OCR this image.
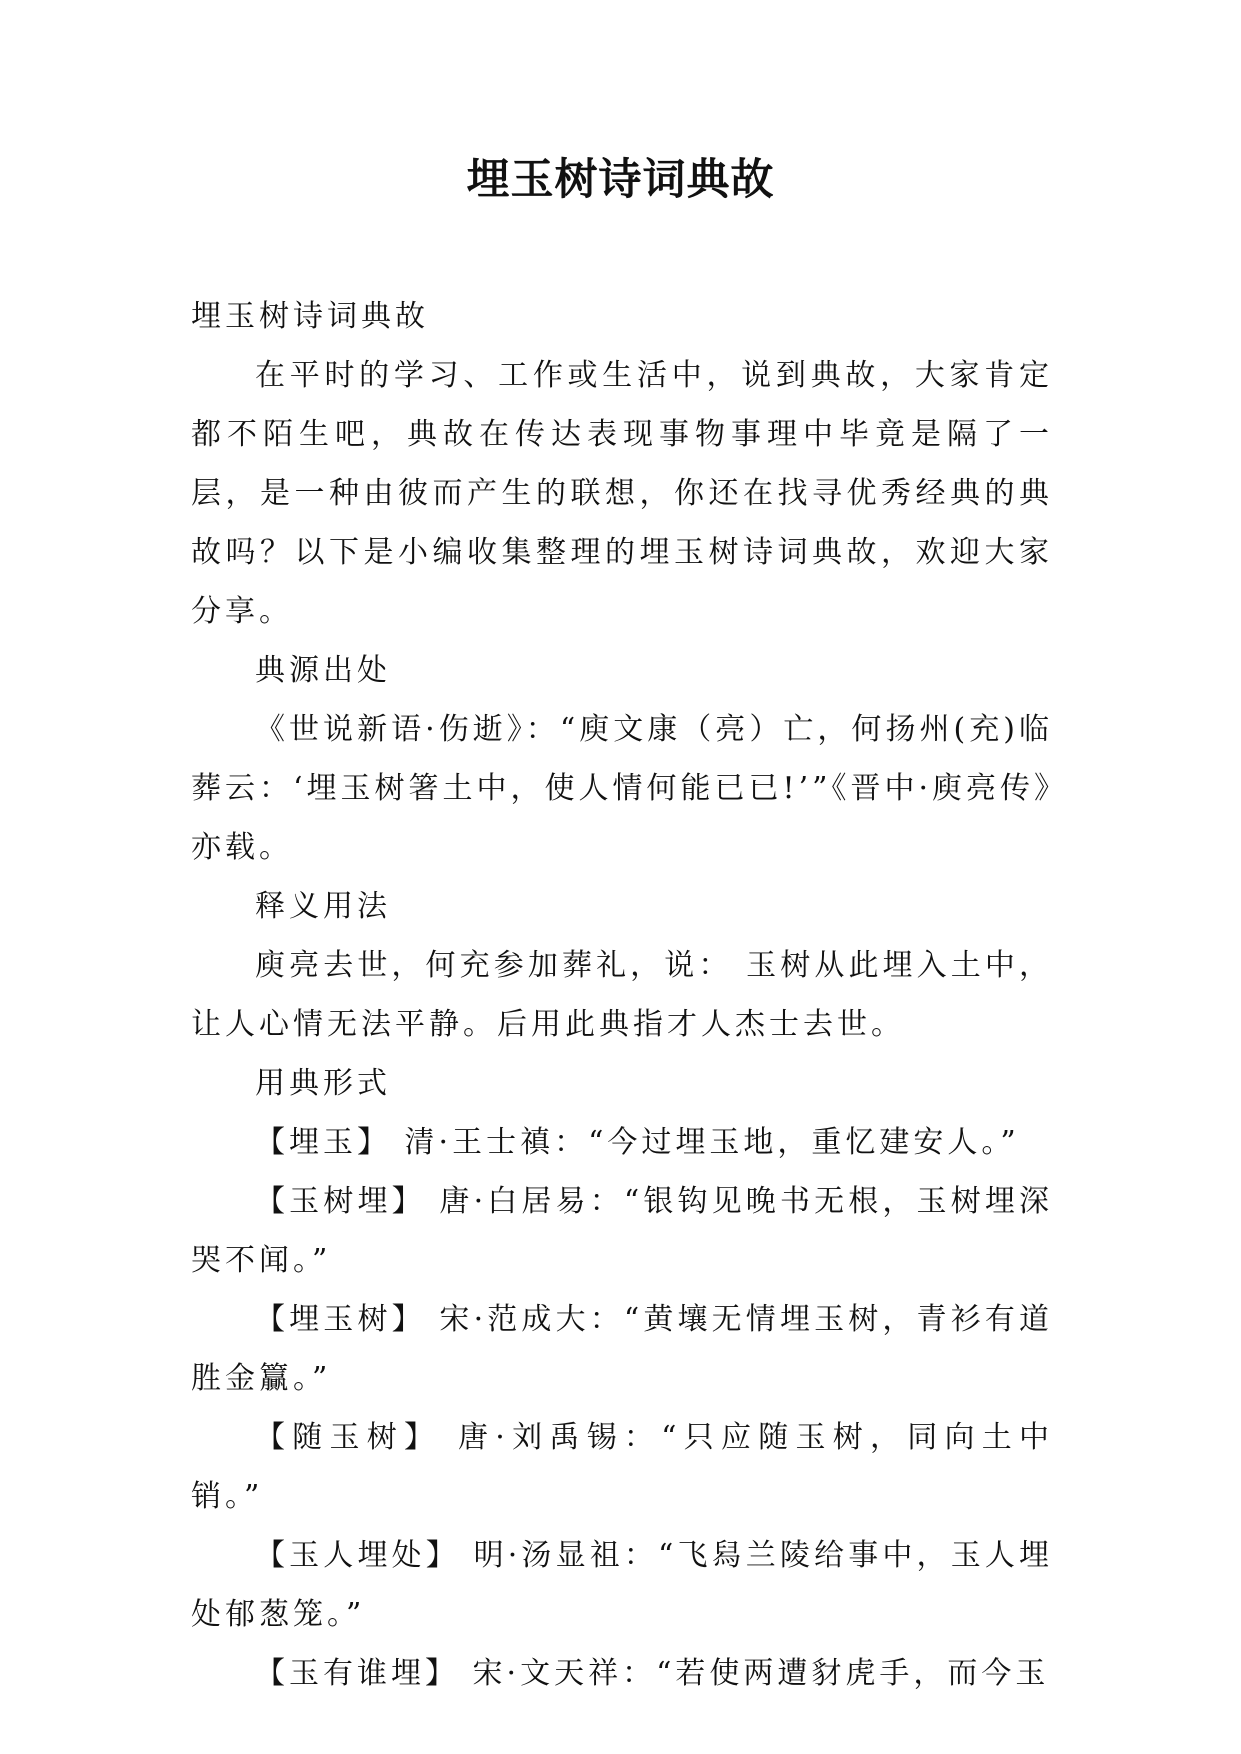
埋玉树诗词典故

埋玉树诗词典故

在平时的学习、工作或生活中，说到典故，大家肯定都不陌生吧，典故在传达表现事物事理中毕竟是隔了一层，是一种由彼而产生的联想，你还在找寻优秀经典的典故吗？以下是小编收集整理的埋玉树诗词典故，欢迎大家分享。

典源出处

《世说新语·伤逝》：“庾文康（亮）亡，何扬州(充)临葬云：‘埋玉树箸土中，使人情何能已已!’”《晋中·庾亮传》亦载。

释义用法

庾亮去世，何充参加葬礼，说： 玉树从此埋入土中，让人心情无法平静。后用此典指才人杰士去世。

用典形式

【埋玉】 清·王士禛：“今过埋玉地，重忆建安人。”

【玉树埋】 唐·白居易：“银钩见晚书无根，玉树埋深哭不闻。”

【埋玉树】 宋·范成大：“黄壤无情埋玉树，青衫有道胜金籯。”

【随玉树】 唐·刘禹锡：“只应随玉树，同向土中销。”

【玉人埋处】 明·汤显祖：“飞舄兰陵给事中，玉人埋处郁葱笼。”

【玉有谁埋】 宋·文天祥：“若使两遭豺虎手，而今玉
